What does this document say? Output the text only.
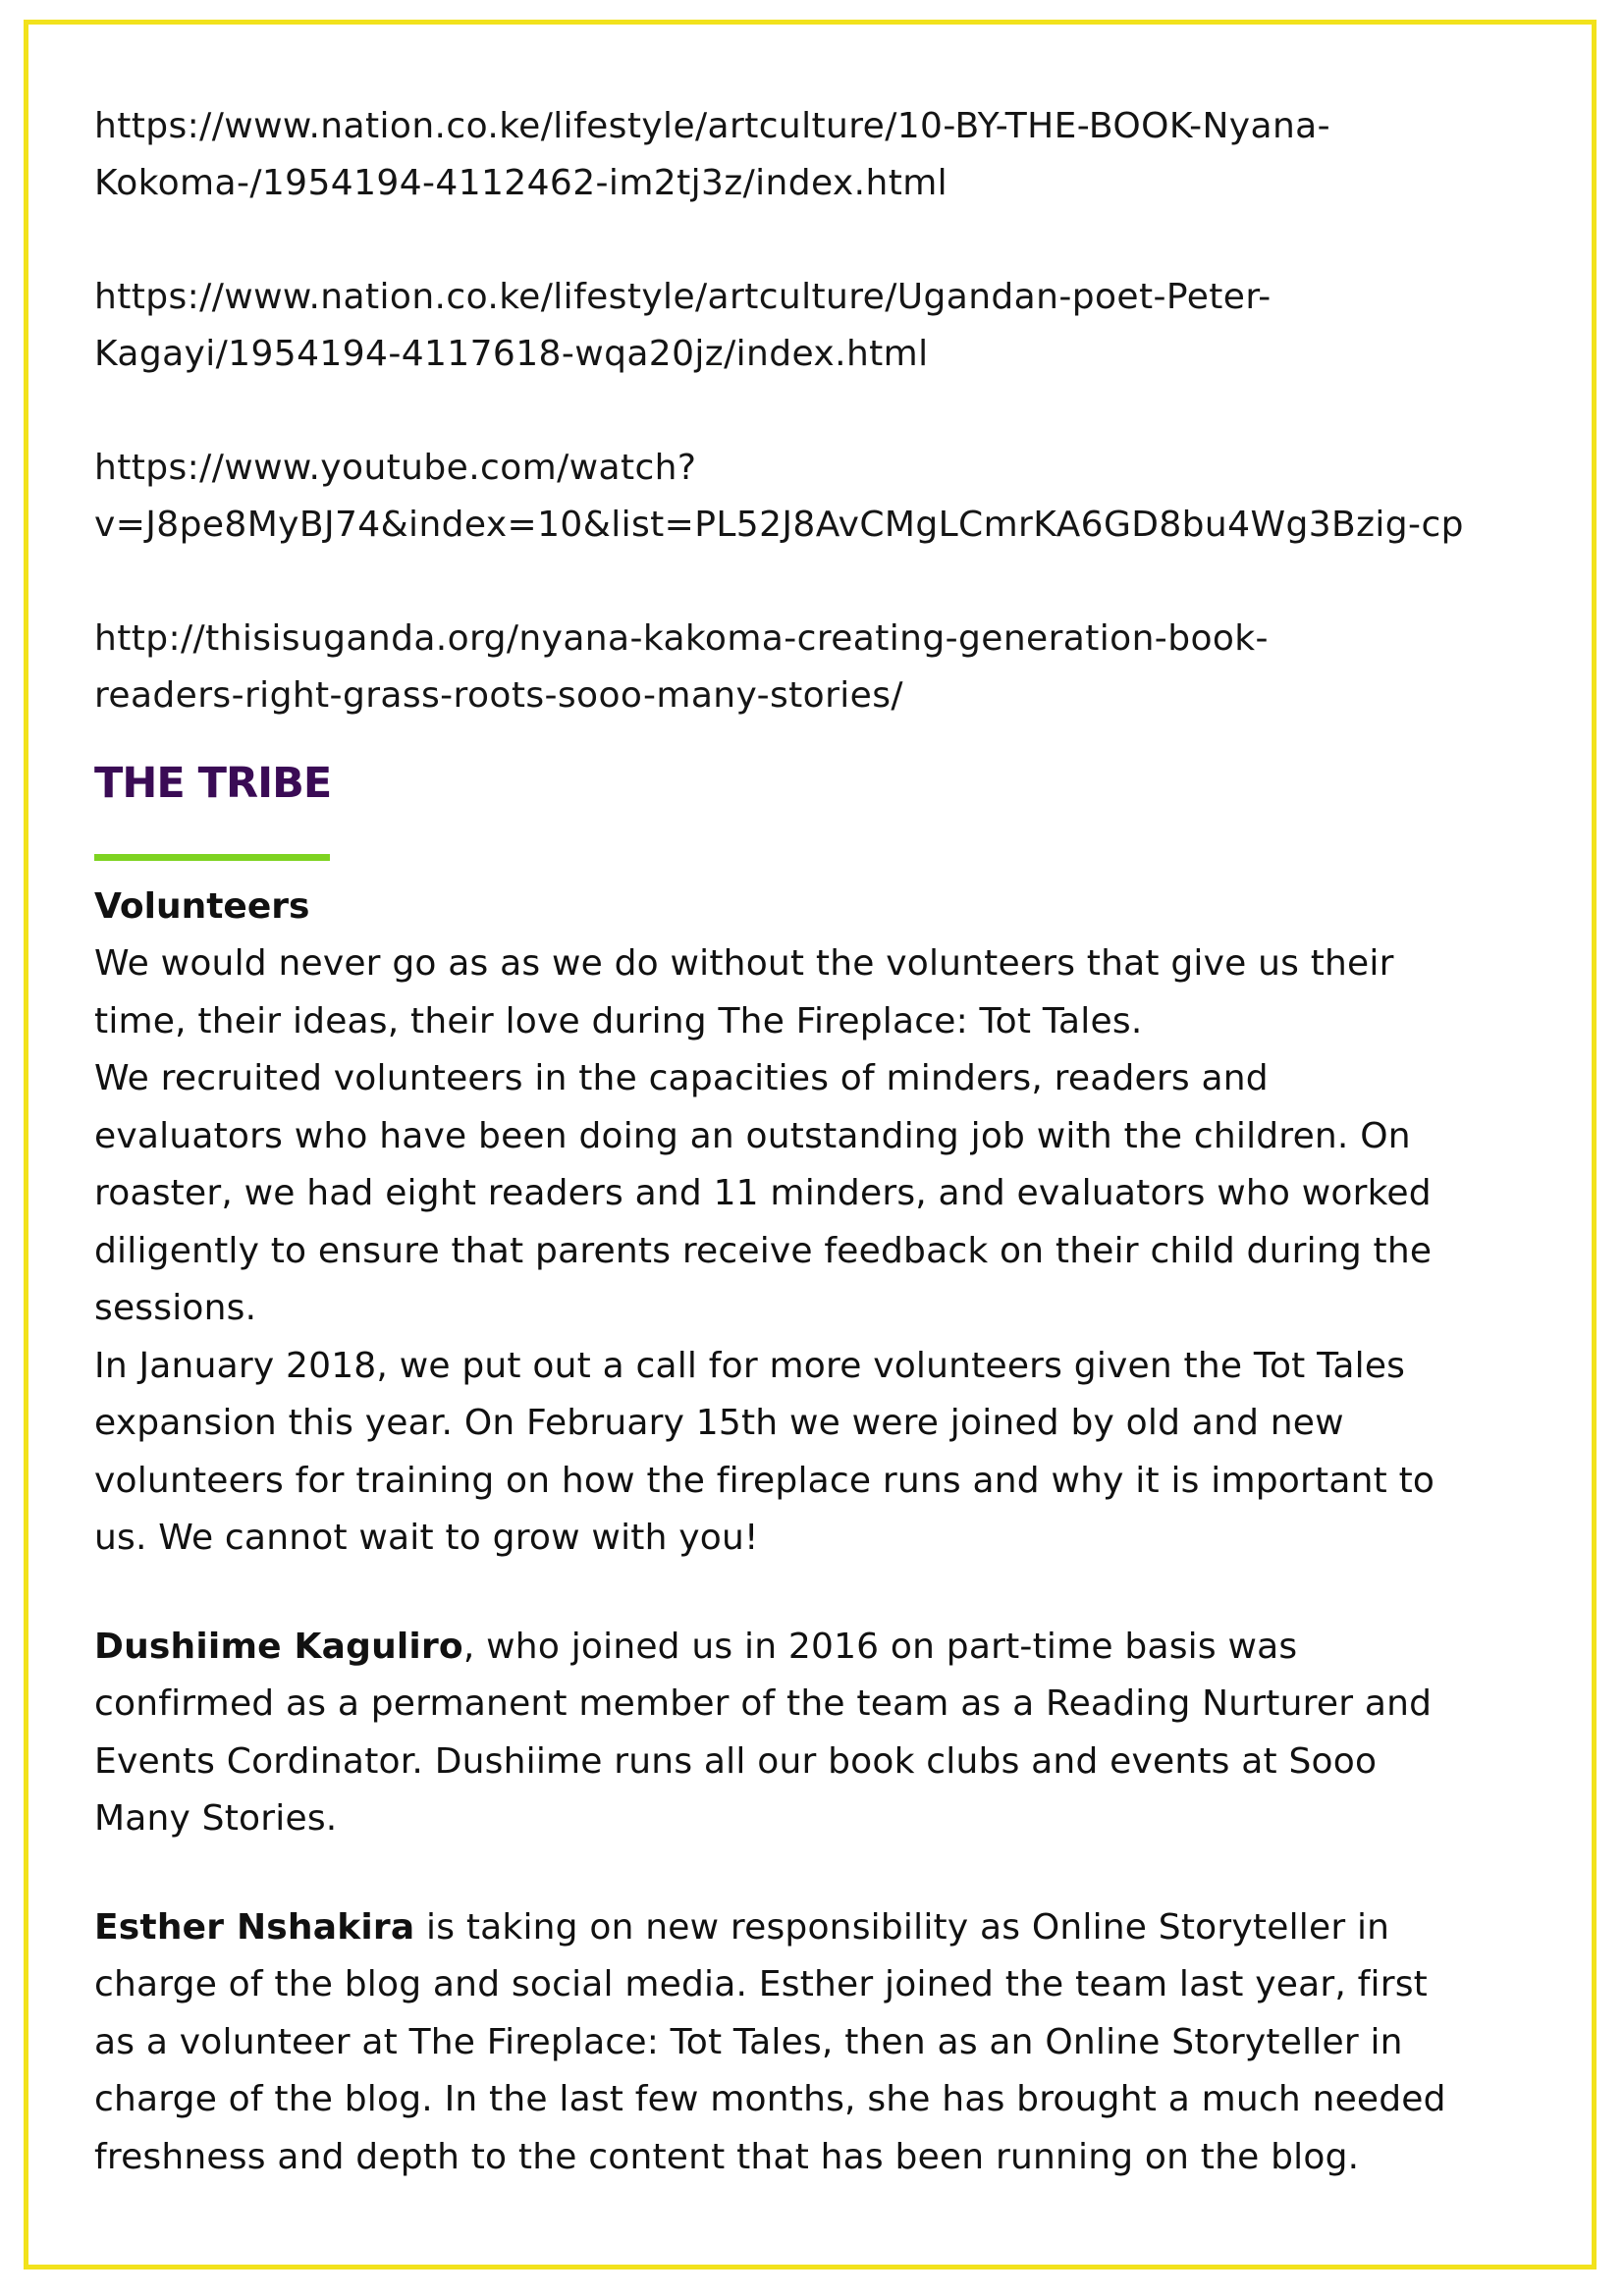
https://www.nation.co.ke/lifestyle/artculture/10-BY-THE-BOOK-Nyana-
Kokoma-/1954194-4112462-im2tj3z/index.html

https://www.nation.co.ke/lifestyle/artculture/Ugandan-poet-Peter-
Kagayi/1954194-4117618-wqa20jz/index.html

https://www.youtube.com/watch?
v=J8pe8MyBJ74&index=10&list=PL52J8AvCMgLCmrKA6GD8bu4Wg3Bzig-cp

http://thisisuganda.org/nyana-kakoma-creating-generation-book-
readers-right-grass-roots-sooo-many-stories/

THE TRIBE

Volunteers

We would never go as as we do without the volunteers that give us their

time, their ideas, their love during The Fireplace: Tot Tales.

We recruited volunteers in the capacities of minders, readers and

evaluators who have been doing an outstanding job with the children. On

roaster, we had eight readers and 11 minders, and evaluators who worked

diligently to ensure that parents receive feedback on their child during the

sessions.

In January 2018, we put out a call for more volunteers given the Tot Tales

expansion this year. On February 15th we were joined by old and new

volunteers for training on how the fireplace runs and why it is important to

us. We cannot wait to grow with you!

Dushiime Kaguliro, who joined us in 2016 on part-time basis was

confirmed as a permanent member of the team as a Reading Nurturer and

Events Cordinator. Dushiime runs all our book clubs and events at Sooo

Many Stories.

Esther Nshakira is taking on new responsibility as Online Storyteller in

charge of the blog and social media. Esther joined the team last year, first

as a volunteer at The Fireplace: Tot Tales, then as an Online Storyteller in

charge of the blog. In the last few months, she has brought a much needed

freshness and depth to the content that has been running on the blog.
